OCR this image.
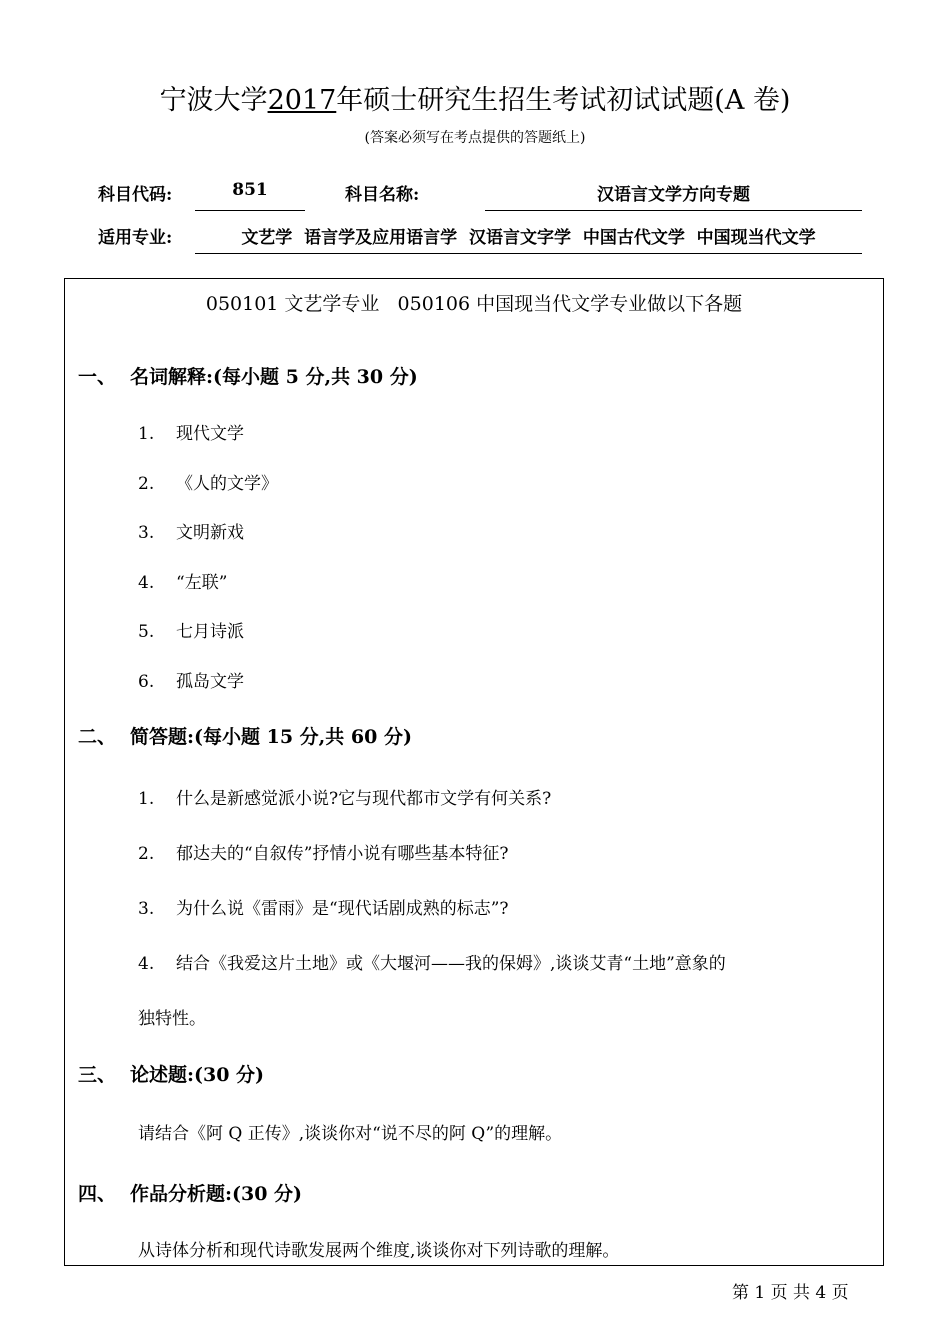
宁波大学2017年硕士研究生招生考试初试试题(A 卷)
(答案必须写在考点提供的答题纸上)
科目代码:	851	科目名称:	汉语言文学方向专题
适用专业:	文艺学  语言学及应用语言学  汉语言文字学  中国古代文学  中国现当代文学
050101 文艺学专业   050106 中国现当代文学专业做以下各题
一、 名词解释:(每小题 5 分,共 30 分)
1. 现代文学
2. 《人的文学》
3. 文明新戏
4. “左联”
5. 七月诗派
6. 孤岛文学
二、 简答题:(每小题 15 分,共 60 分)
1. 什么是新感觉派小说?它与现代都市文学有何关系?
2. 郁达夫的“自叙传”抒情小说有哪些基本特征?
3. 为什么说《雷雨》是“现代话剧成熟的标志”?
4. 结合《我爱这片土地》或《大堰河——我的保姆》,谈谈艾青“土地”意象的
独特性。
三、 论述题:(30 分)
请结合《阿 Q 正传》,谈谈你对“说不尽的阿 Q”的理解。
四、 作品分析题:(30 分)
从诗体分析和现代诗歌发展两个维度,谈谈你对下列诗歌的理解。
第 1 页 共 4 页
